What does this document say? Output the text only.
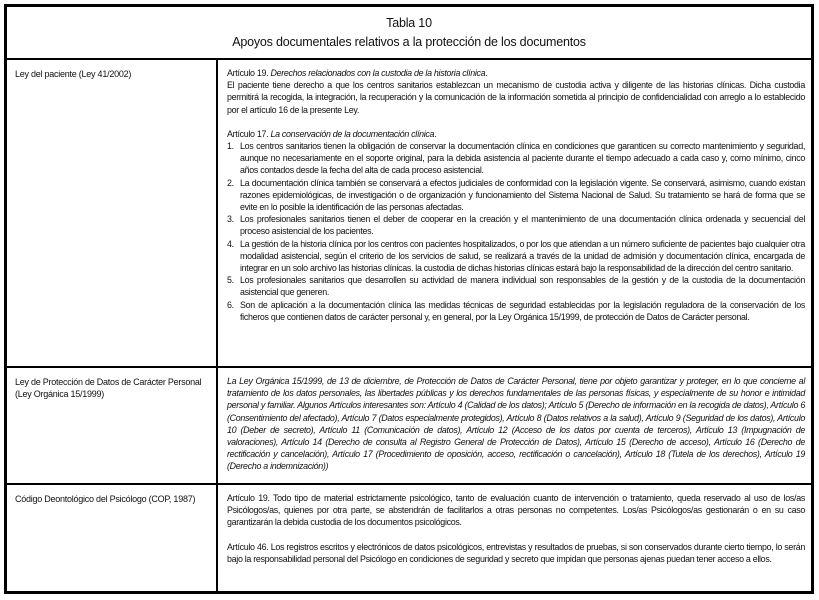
Tabla 10
Apoyos documentales relativos a la protección de los documentos
Ley del paciente (Ley 41/2002)	Artículo 19. Derechos relacionados con la custodia de la historia clínica.

El paciente tiene derecho a que los centros sanitarios establezcan un mecanismo de custodia activa y diligente de las historias clínicas. Dicha custodia permitirá la recogida, la integración, la recuperación y la comunicación de la información sometida al principio de confidencialidad con arreglo a lo establecido por el artículo 16 de la presente Ley.

Artículo 17. La conservación de la documentación clínica.

1. Los centros sanitarios tienen la obligación de conservar la documentación clínica en condiciones que garanticen su correcto mantenimiento y seguridad, aunque no necesariamente en el soporte original, para la debida asistencia al paciente durante el tiempo adecuado a cada caso y, como mínimo, cinco años contados desde la fecha del alta de cada proceso asistencial.
2. La documentación clínica también se conservará a efectos judiciales de conformidad con la legislación vigente. Se conservará, asimismo, cuando existan razones epidemiológicas, de investigación o de organización y funcionamiento del Sistema Nacional de Salud. Su tratamiento se hará de forma que se evite en lo posible la identificación de las personas afectadas.
3. Los profesionales sanitarios tienen el deber de cooperar en la creación y el mantenimiento de una documentación clínica ordenada y secuencial del proceso asistencial de los pacientes.
4. La gestión de la historia clínica por los centros con pacientes hospitalizados, o por los que atiendan a un número suficiente de pacientes bajo cualquier otra modalidad asistencial, según el criterio de los servicios de salud, se realizará a través de la unidad de admisión y documentación clínica, encargada de integrar en un solo archivo las historias clínicas. la custodia de dichas historias clínicas estará bajo la responsabilidad de la dirección del centro sanitario.
5. Los profesionales sanitarios que desarrollen su actividad de manera individual son responsables de la gestión y de la custodia de la documentación asistencial que generen.
6. Son de aplicación a la documentación clínica las medidas técnicas de seguridad establecidas por la legislación reguladora de la conservación de los ficheros que contienen datos de carácter personal y, en general, por la Ley Orgánica 15/1999, de protección de Datos de Carácter personal.
Ley de Protección de Datos de Carácter Personal (Ley Orgánica 15/1999)

La Ley Orgánica 15/1999, de 13 de diciembre, de Protección de Datos de Carácter Personal, tiene por objeto garantizar y proteger, en lo que concierne al tratamiento de los datos personales, las libertades públicas y los derechos fundamentales de las personas físicas, y especialmente de su honor e intimidad personal y familiar. Algunos Artículos interesantes son: Artículo 4 (Calidad de los datos); Artículo 5 (Derecho de información en la recogida de datos), Artículo 6 (Consentimiento del afectado), Artículo 7 (Datos especialmente protegidos), Artículo 8 (Datos relativos a la salud), Artículo 9 (Seguridad de los datos), Artículo 10 (Deber de secreto), Artículo 11 (Comunicación de datos), Artículo 12 (Acceso de los datos por cuenta de terceros), Artículo 13 (Impugnación de valoraciones), Artículo 14 (Derecho de consulta al Registro General de Protección de Datos), Artículo 15 (Derecho de acceso), Artículo 16 (Derecho de rectificación y cancelación), Artículo 17 (Procedimiento de oposición, acceso, rectificación o cancelación), Artículo 18 (Tutela de los derechos), Artículo 19 (Derecho a indemnización))

Código Deontológico del Psicólogo (COP, 1987)	Artículo 19. Todo tipo de material estrictamente psicológico, tanto de evaluación cuanto de intervención o tratamiento, queda reservado al uso de los/as Psicólogos/as, quienes por otra parte, se abstendrán de facilitarlos a otras personas no competentes. Los/as Psicólogos/as gestionarán o en su caso garantizarán la debida custodia de los documentos psicológicos.

Artículo 46. Los registros escritos y electrónicos de datos psicológicos, entrevistas y resultados de pruebas, si son conservados durante cierto tiempo, lo serán bajo la responsabilidad personal del Psicólogo en condiciones de seguridad y secreto que impidan que personas ajenas puedan tener acceso a ellos.
